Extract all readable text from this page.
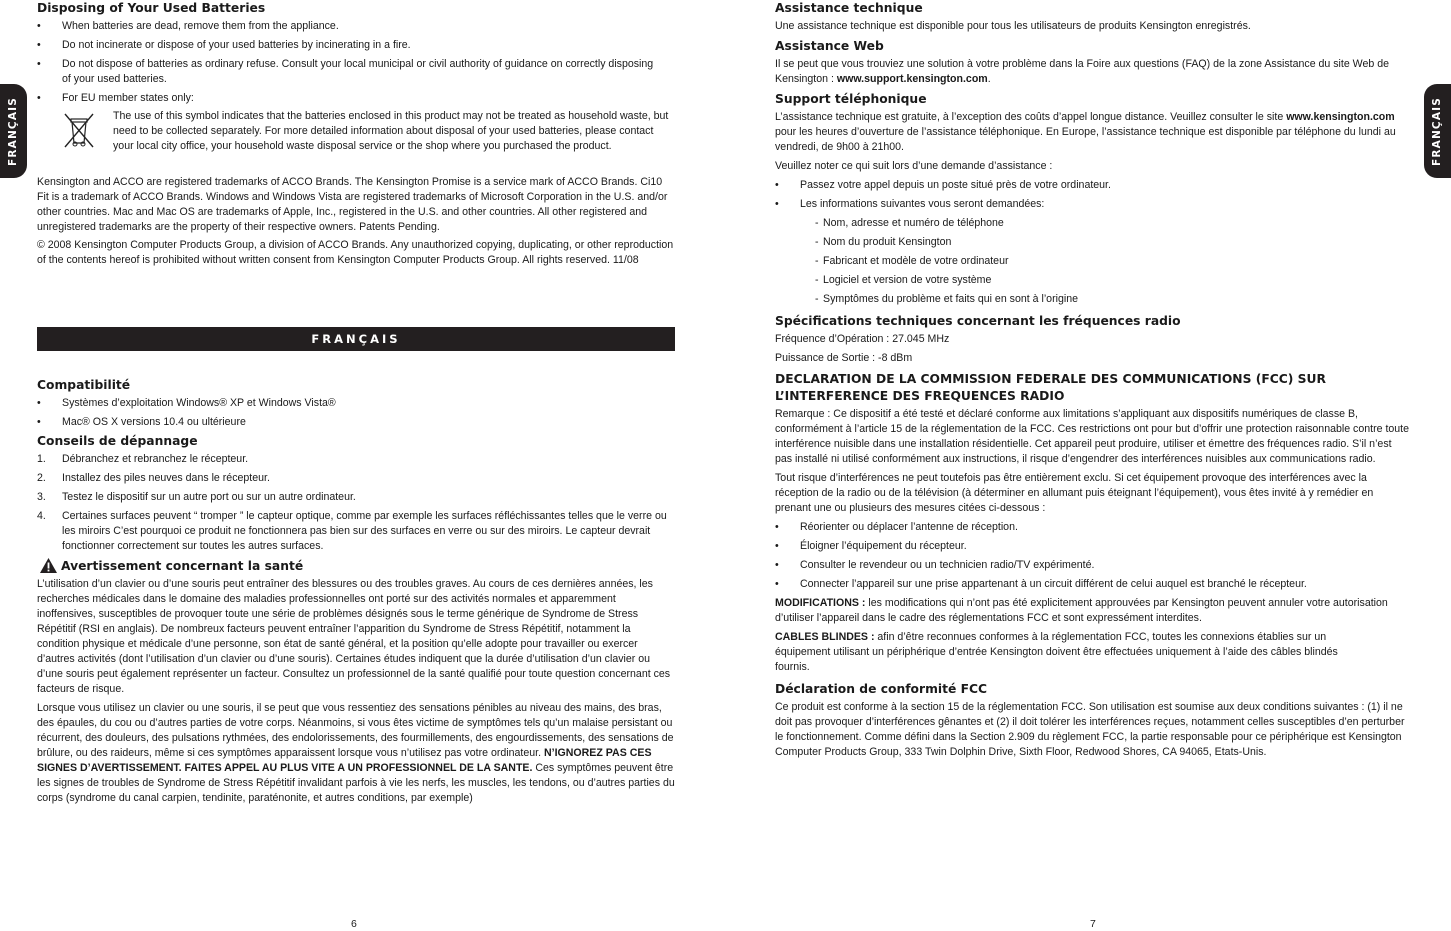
FRANÇAIS	FRANÇAIS
Disposing of Your Used Batteries
• When batteries are dead, remove them from the appliance.
• Do not incinerate or dispose of your used batteries by incinerating in a fire.
• Do not dispose of batteries as ordinary refuse. Consult your local municipal or civil authority of guidance on correctly disposing of your used batteries.
• For EU member states only:

The use of this symbol indicates that the batteries enclosed in this product may not be treated as household waste, but need to be collected separately. For more detailed information about disposal of your used batteries, please contact your local city office, your household waste disposal service or the shop where you purchased the product.

Kensington and ACCO are registered trademarks of ACCO Brands. The Kensington Promise is a service mark of ACCO Brands. Ci10 Fit is a trademark of ACCO Brands. Windows and Windows Vista are registered trademarks of Microsoft Corporation in the U.S. and/or other countries. Mac and Mac OS are trademarks of Apple, Inc., registered in the U.S. and other countries. All other registered and unregistered trademarks are the property of their respective owners. Patents Pending.

© 2008 Kensington Computer Products Group, a division of ACCO Brands. Any unauthorized copying, duplicating, or other reproduction of the contents hereof is prohibited without written consent from Kensington Computer Products Group. All rights reserved. 11/08

FRANÇAIS
Compatibilité
• Systèmes d’exploitation Windows® XP et Windows Vista®
• Mac® OS X versions 10.4 ou ultérieure
Conseils de dépannage
1. Débranchez et rebranchez le récepteur.
2. Installez des piles neuves dans le récepteur.
3. Testez le dispositif sur un autre port ou sur un autre ordinateur.
4. Certaines surfaces peuvent “ tromper ” le capteur optique, comme par exemple les surfaces réfléchissantes telles que le verre ou les miroirs C’est pourquoi ce produit ne fonctionnera pas bien sur des surfaces en verre ou sur des miroirs. Le capteur devrait fonctionner correctement sur toutes les autres surfaces.
Avertissement concernant la santé

L’utilisation d’un clavier ou d’une souris peut entraîner des blessures ou des troubles graves. Au cours de ces dernières années, les recherches médicales dans le domaine des maladies professionnelles ont porté sur des activités normales et apparemment inoffensives, susceptibles de provoquer toute une série de problèmes désignés sous le terme générique de Syndrome de Stress Répétitif (RSI en anglais). De nombreux facteurs peuvent entraîner l’apparition du Syndrome de Stress Répétitif, notamment la condition physique et médicale d’une personne, son état de santé général, et la position qu’elle adopte pour travailler ou exercer d’autres activités (dont l’utilisation d’un clavier ou d’une souris). Certaines études indiquent que la durée d’utilisation d’un clavier ou d’une souris peut également représenter un facteur. Consultez un professionnel de la santé qualifié pour toute question concernant ces facteurs de risque.

Lorsque vous utilisez un clavier ou une souris, il se peut que vous ressentiez des sensations pénibles au niveau des mains, des bras, des épaules, du cou ou d’autres parties de votre corps. Néanmoins, si vous êtes victime de symptômes tels qu’un malaise persistant ou récurrent, des douleurs, des pulsations rythmées, des endolorissements, des fourmillements, des engourdissements, des sensations de brûlure, ou des raideurs, même si ces symptômes apparaissent lorsque vous n’utilisez pas votre ordinateur. N’IGNOREZ PAS CES SIGNES D’AVERTISSEMENT. FAITES APPEL AU PLUS VITE A UN PROFESSIONNEL DE LA SANTE. Ces symptômes peuvent être les signes de troubles de Syndrome de Stress Répétitif invalidant parfois à vie les nerfs, les muscles, les tendons, ou d’autres parties du corps (syndrome du canal carpien, tendinite, paraténonite, et autres conditions, par exemple)

Assistance technique

Une assistance technique est disponible pour tous les utilisateurs de produits Kensington enregistrés.

Assistance Web

Il se peut que vous trouviez une solution à votre problème dans la Foire aux questions (FAQ) de la zone Assistance du site Web de Kensington : www.support.kensington.com.

Support téléphonique

L’assistance technique est gratuite, à l’exception des coûts d’appel longue distance. Veuillez consulter le site www.kensington.com pour les heures d’ouverture de l’assistance téléphonique. En Europe, l’assistance technique est disponible par téléphone du lundi au vendredi, de 9h00 à 21h00.

Veuillez noter ce qui suit lors d’une demande d’assistance :

• Passez votre appel depuis un poste situé près de votre ordinateur.
• Les informations suivantes vous seront demandées:
- Nom, adresse et numéro de téléphone
- Nom du produit Kensington
- Fabricant et modèle de votre ordinateur
- Logiciel et version de votre système
- Symptômes du problème et faits qui en sont à l’origine
Spécifications techniques concernant les fréquences radio

Fréquence d’Opération : 27.045 MHz

Puissance de Sortie : -8 dBm

DECLARATION DE LA COMMISSION FEDERALE DES COMMUNICATIONS (FCC) SUR
L’INTERFERENCE DES FREQUENCES RADIO

Remarque : Ce dispositif a été testé et déclaré conforme aux limitations s’appliquant aux dispositifs numériques de classe B, conformément à l’article 15 de la réglementation de la FCC. Ces restrictions ont pour but d’offrir une protection raisonnable contre toute interférence nuisible dans une installation résidentielle. Cet appareil peut produire, utiliser et émettre des fréquences radio. S’il n’est pas installé ni utilisé conformément aux instructions, il risque d’engendrer des interférences nuisibles aux communications radio.

Tout risque d’interférences ne peut toutefois pas être entièrement exclu. Si cet équipement provoque des interférences avec la réception de la radio ou de la télévision (à déterminer en allumant puis éteignant l’équipement), vous êtes invité à y remédier en prenant une ou plusieurs des mesures citées ci-dessous :

• Réorienter ou déplacer l’antenne de réception.
• Éloigner l’équipement du récepteur.
• Consulter le revendeur ou un technicien radio/TV expérimenté.
• Connecter l’appareil sur une prise appartenant à un circuit différent de celui auquel est branché le récepteur.

MODIFICATIONS : les modifications qui n’ont pas été explicitement approuvées par Kensington peuvent annuler votre autorisation d’utiliser l’appareil dans le cadre des réglementations FCC et sont expressément interdites.

CABLES BLINDES : afin d’être reconnues conformes à la réglementation FCC, toutes les connexions établies sur un équipement utilisant un périphérique d’entrée Kensington doivent être effectuées uniquement à l’aide des câbles blindés fournis.

Déclaration de conformité FCC

Ce produit est conforme à la section 15 de la réglementation FCC. Son utilisation est soumise aux deux conditions suivantes : (1) il ne doit pas provoquer d’interférences gênantes et (2) il doit tolérer les interférences reçues, notamment celles susceptibles d’en perturber le fonctionnement. Comme défini dans la Section 2.909 du règlement FCC, la partie responsable pour ce périphérique est Kensington Computer Products Group, 333 Twin Dolphin Drive, Sixth Floor, Redwood Shores, CA 94065, Etats-Unis.

6	7
